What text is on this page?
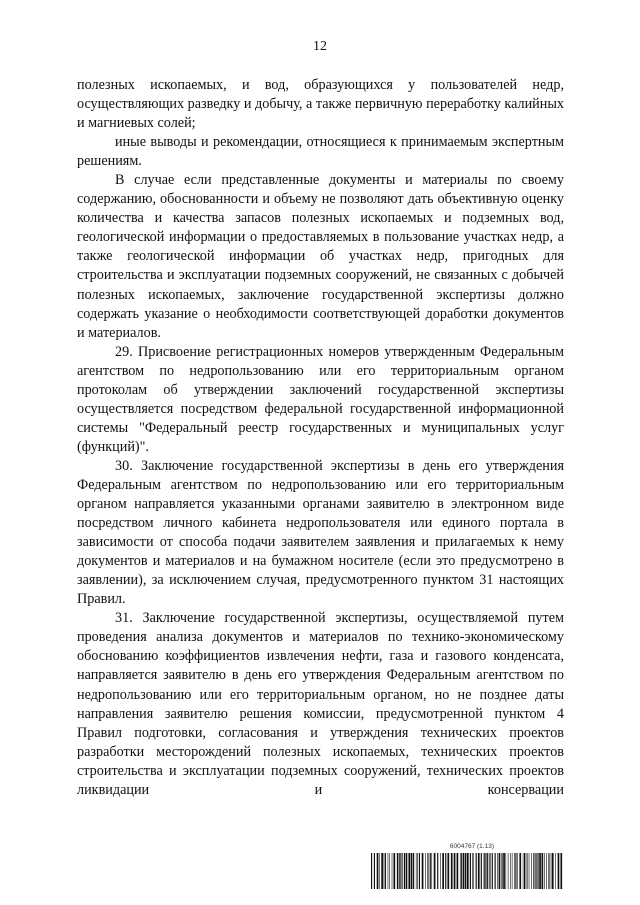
12

полезных ископаемых, и вод, образующихся у пользователей недр, осуществляющих разведку и добычу, а также первичную переработку калийных и магниевых солей;

иные выводы и рекомендации, относящиеся к принимаемым экспертным решениям.

В случае если представленные документы и материалы по своему содержанию, обоснованности и объему не позволяют дать объективную оценку количества и качества запасов полезных ископаемых и подземных вод, геологической информации о предоставляемых в пользование участках недр, а также геологической информации об участках недр, пригодных для строительства и эксплуатации подземных сооружений, не связанных с добычей полезных ископаемых, заключение государственной экспертизы должно содержать указание о необходимости соответствующей доработки документов и материалов.

29. Присвоение регистрационных номеров утвержденным Федеральным агентством по недропользованию или его территориальным органом протоколам об утверждении заключений государственной экспертизы осуществляется посредством федеральной государственной информационной системы "Федеральный реестр государственных и муниципальных услуг (функций)".

30. Заключение государственной экспертизы в день его утверждения Федеральным агентством по недропользованию или его территориальным органом направляется указанными органами заявителю в электронном виде посредством личного кабинета недропользователя или единого портала в зависимости от способа подачи заявителем заявления и прилагаемых к нему документов и материалов и на бумажном носителе (если это предусмотрено в заявлении), за исключением случая, предусмотренного пунктом 31 настоящих Правил.

31. Заключение государственной экспертизы, осуществляемой путем проведения анализа документов и материалов по технико-экономическому обоснованию коэффициентов извлечения нефти, газа и газового конденсата, направляется заявителю в день его утверждения Федеральным агентством по недропользованию или его территориальным органом, но не позднее даты направления заявителю решения комиссии, предусмотренной пунктом 4 Правил подготовки, согласования и утверждения технических проектов разработки месторождений полезных ископаемых, технических проектов строительства и эксплуатации подземных сооружений, технических проектов ликвидации и консервации

6004767 (1.13)
